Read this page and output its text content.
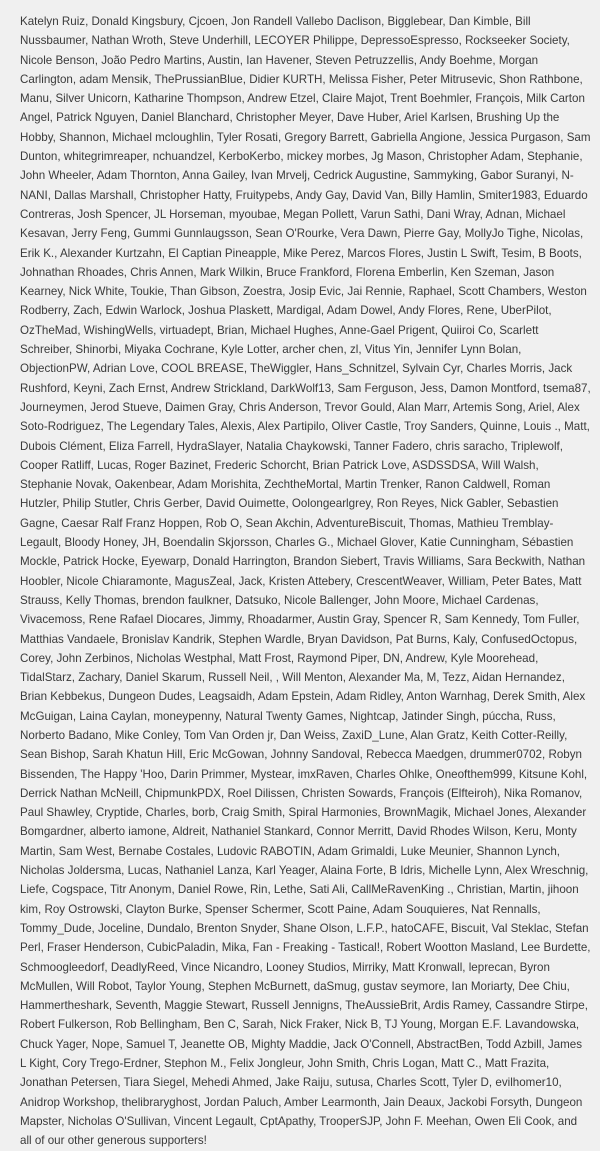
Katelyn Ruiz, Donald Kingsbury, Cjcoen, Jon Randell Vallebo Daclison, Bigglebear, Dan Kimble, Bill Nussbaumer, Nathan Wroth, Steve Underhill, LECOYER Philippe, DepressoEspresso, Rockseeker Society, Nicole Benson, João Pedro Martins, Austin, Ian Havener, Steven Petruzzellis, Andy Boehme, Morgan Carlington, adam Mensik, ThePrussianBlue, Didier KURTH, Melissa Fisher, Peter Mitrusevic, Shon Rathbone, Manu, Silver Unicorn, Katharine Thompson, Andrew Etzel, Claire Majot, Trent Boehmler, François, Milk Carton Angel, Patrick Nguyen, Daniel Blanchard, Christopher Meyer, Dave Huber, Ariel Karlsen, Brushing Up the Hobby, Shannon, Michael mcloughlin, Tyler Rosati, Gregory Barrett, Gabriella Angione, Jessica Purgason, Sam Dunton, whitegrimreaper, nchuandzel, KerboKerbo, mickey morbes, Jg Mason, Christopher Adam, Stephanie, John Wheeler, Adam Thornton, Anna Gailey, Ivan Mrvelj, Cedrick Augustine, Sammyking, Gabor Suranyi, N-NANI, Dallas Marshall, Christopher Hatty, Fruitypebs, Andy Gay, David Van, Billy Hamlin, Smiter1983, Eduardo Contreras, Josh Spencer, JL Horseman, myoubae, Megan Pollett, Varun Sathi, Dani Wray, Adnan, Michael Kesavan, Jerry Feng, Gummi Gunnlaugsson, Sean O'Rourke, Vera Dawn, Pierre Gay, MollyJo Tighe, Nicolas, Erik K., Alexander Kurtzahn, El Captian Pineapple, Mike Perez, Marcos Flores, Justin L Swift, Tesim, B Boots, Johnathan Rhoades, Chris Annen, Mark Wilkin, Bruce Frankford, Florena Emberlin, Ken Szeman, Jason Kearney, Nick White, Toukie, Than Gibson, Zoestra, Josip Evic, Jai Rennie, Raphael, Scott Chambers, Weston Rodberry, Zach, Edwin Warlock, Joshua Plaskett, Mardigal, Adam Dowel, Andy Flores, Rene, UberPilot, OzTheMad, WishingWells, virtuadept, Brian, Michael Hughes, Anne-Gael Prigent, Quiiroi Co, Scarlett Schreiber, Shinorbi, Miyaka Cochrane, Kyle Lotter, archer chen, zl, Vitus Yin, Jennifer Lynn Bolan, ObjectionPW, Adrian Love, COOL BREASE, TheWiggler, Hans_Schnitzel, Sylvain Cyr, Charles Morris, Jack Rushford, Keyni, Zach Ernst, Andrew Strickland, DarkWolf13, Sam Ferguson, Jess, Damon Montford, tsema87, Journeymen, Jerod Stueve, Daimen Gray, Chris Anderson, Trevor Gould, Alan Marr, Artemis Song, Ariel, Alex Soto-Rodriguez, The Legendary Tales, Alexis, Alex Partipilo, Oliver Castle, Troy Sanders, Quinne, Louis ., Matt, Dubois Clément, Eliza Farrell, HydraSlayer, Natalia Chaykowski, Tanner Fadero, chris saracho, Triplewolf, Cooper Ratliff, Lucas, Roger Bazinet, Frederic Schorcht, Brian Patrick Love, ASDSSDSA, Will Walsh, Stephanie Novak, Oakenbear, Adam Morishita, ZechtheMortal, Martin Trenker, Ranon Caldwell, Roman Hutzler, Philip Stutler, Chris Gerber, David Ouimette, Oolongearlgrey, Ron Reyes, Nick Gabler, Sebastien Gagne, Caesar Ralf Franz Hoppen, Rob O, Sean Akchin, AdventureBiscuit, Thomas, Mathieu Tremblay-Legault, Bloody Honey, JH, Boendalin Skjorsson, Charles G., Michael Glover, Katie Cunningham, Sébastien Mockle, Patrick Hocke, Eyewarp, Donald Harrington, Brandon Siebert, Travis Williams, Sara Beckwith, Nathan Hoobler, Nicole Chiaramonte, MagusZeal, Jack, Kristen Attebery, CrescentWeaver, William, Peter Bates, Matt Strauss, Kelly Thomas, brendon faulkner, Datsuko, Nicole Ballenger, John Moore, Michael Cardenas, Vivacemoss, Rene Rafael Diocares, Jimmy, Rhoadarmer, Austin Gray, Spencer R, Sam Kennedy, Tom Fuller, Matthias Vandaele, Bronislav Kandrik, Stephen Wardle, Bryan Davidson, Pat Burns, Kaly, ConfusedOctopus, Corey, John Zerbinos, Nicholas Westphal, Matt Frost, Raymond Piper, DN, Andrew, Kyle Moorehead, TidalStarz, Zachary, Daniel Skarum, Russell Neil, , Will Menton, Alexander Ma, M, Tezz, Aidan Hernandez, Brian Kebbekus, Dungeon Dudes, Leagsaidh, Adam Epstein, Adam Ridley, Anton Warnhag, Derek Smith, Alex McGuigan, Laina Caylan, moneypenny, Natural Twenty Games, Nightcap, Jatinder Singh, púccha, Russ, Norberto Badano, Mike Conley, Tom Van Orden jr, Dan Weiss, ZaxiD_Lune, Alan Gratz, Keith Cotter-Reilly, Sean Bishop, Sarah Khatun Hill, Eric McGowan, Johnny Sandoval, Rebecca Maedgen, drummer0702, Robyn Bissenden, The Happy 'Hoo, Darin Primmer, Mystear, imxRaven, Charles Ohlke, Oneofthem999, Kitsune Kohl, Derrick Nathan McNeill, ChipmunkPDX, Roel Dilissen, Christen Sowards, François (Elfteiroh), Nika Romanov, Paul Shawley, Cryptide, Charles, borb, Craig Smith, Spiral Harmonies, BrownMagik, Michael Jones, Alexander Bomgardner, alberto iamone, Aldreit, Nathaniel Stankard, Connor Merritt, David Rhodes Wilson, Keru, Monty Martin, Sam West, Bernabe Costales, Ludovic RABOTIN, Adam Grimaldi, Luke Meunier, Shannon Lynch, Nicholas Joldersma, Lucas, Nathaniel Lanza, Karl Yeager, Alaina Forte, B Idris, Michelle Lynn, Alex Wreschnig, Liefe, Cogspace, Titr Anonym, Daniel Rowe, Rin, Lethe, Sati Ali, CallMeRavenKing ., Christian, Martin, jihoon kim, Roy Ostrowski, Clayton Burke, Spenser Schermer, Scott Paine, Adam Souquieres, Nat Rennalls, Tommy_Dude, Joceline, Dundalo, Brenton Snyder, Shane Olson, L.F.P., hatoCAFE, Biscuit, Val Steklac, Stefan Perl, Fraser Henderson, CubicPaladin, Mika, Fan - Freaking - Tastical!, Robert Wootton Masland, Lee Burdette, Schmoogleedorf, DeadlyReed, Vince Nicandro, Looney Studios, Mirriky, Matt Kronwall, leprecan, Byron McMullen, Will Robot, Taylor Young, Stephen McBurnett, daSmug, gustav seymore, Ian Moriarty, Dee Chiu, Hammertheshark, Seventh, Maggie Stewart, Russell Jennigns, TheAussieBrit, Ardis Ramey, Cassandre Stirpe, Robert Fulkerson, Rob Bellingham, Ben C, Sarah, Nick Fraker, Nick B, TJ Young, Morgan E.F. Lavandowska, Chuck Yager, Nope, Samuel T, Jeanette OB, Mighty Maddie, Jack O'Connell, AbstractBen, Todd Azbill, James L Kight, Cory Trego-Erdner, Stephon M., Felix Jongleur, John Smith, Chris Logan, Matt C., Matt Frazita, Jonathan Petersen, Tiara Siegel, Mehedi Ahmed, Jake Raiju, sutusa, Charles Scott, Tyler D, evilhomer10, Anidrop Workshop, thelibraryghost, Jordan Paluch, Amber Learmonth, Jain Deaux, Jackobi Forsyth, Dungeon Mapster, Nicholas O'Sullivan, Vincent Legault, CptApathy, TrooperSJP, John F. Meehan, Owen Eli Cook, and all of our other generous supporters!
